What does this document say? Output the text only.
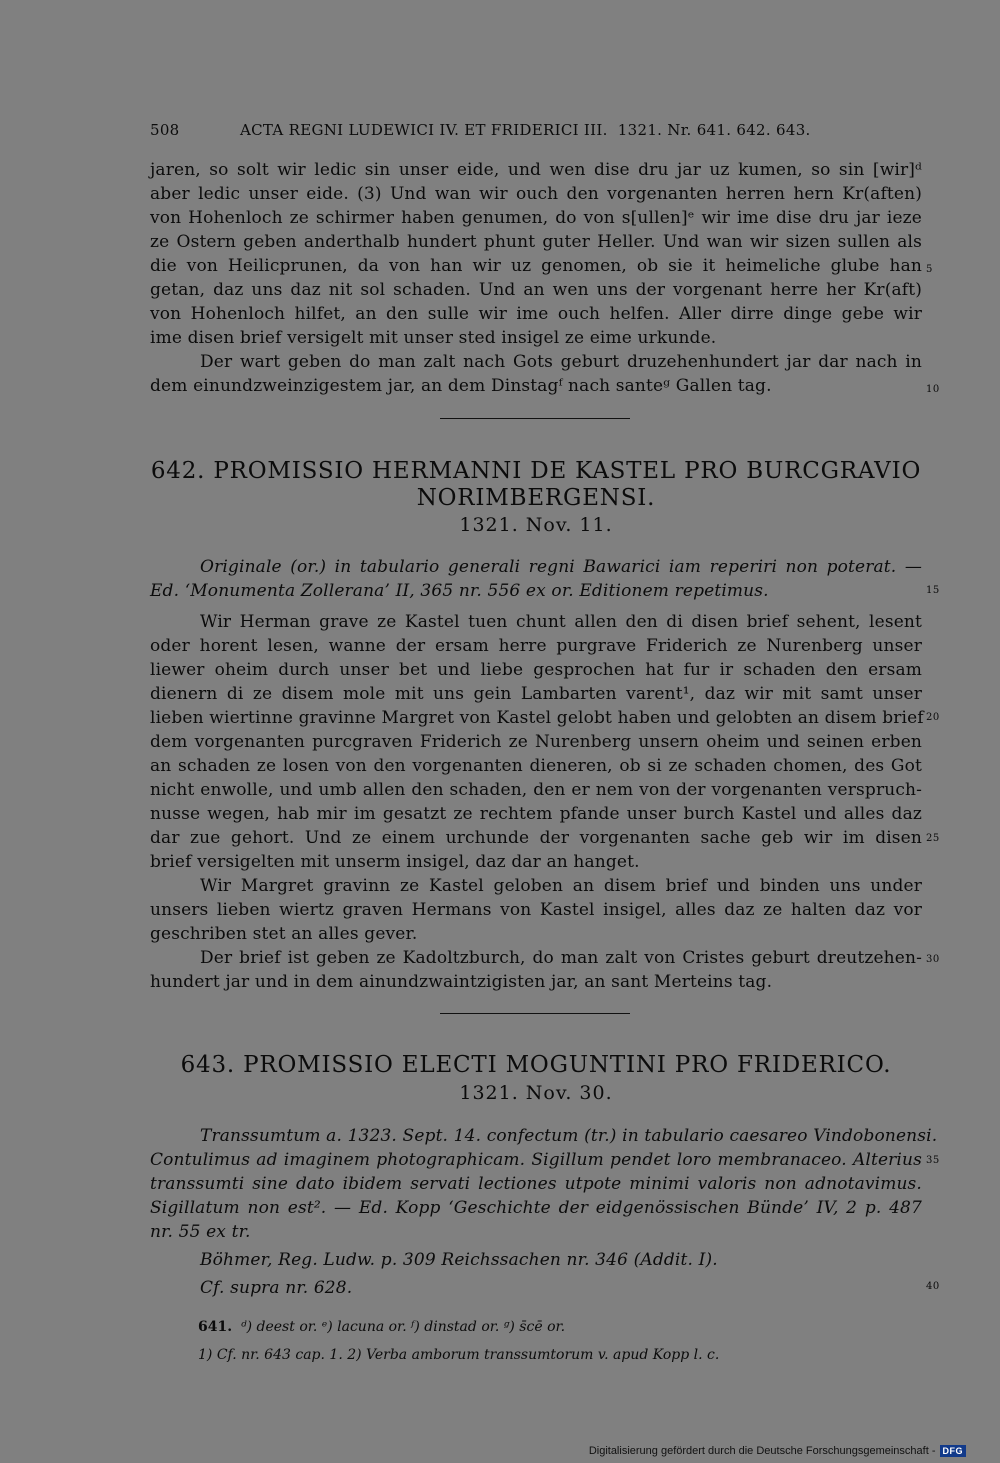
508	ACTA REGNI LUDEWICI IV. ET FRIDERICI III. 1321. Nr. 641. 642. 643.
jaren, so solt wir ledic sin unser eide, und wen dise dru jar uz kumen, so sin [wir]ᵈ
aber ledic unser eide. (3) Und wan wir ouch den vorgenanten herren hern Kr(aften)
von Hohenloch ze schirmer haben genumen, do von s[ullen]ᵉ wir ime dise dru jar ieze
ze Ostern geben anderthalb hundert phunt guter Heller. Und wan wir sizen sullen als
die von Heilicprunen, da von han wir uz genomen, ob sie it heimeliche glube han
getan, daz uns daz nit sol schaden. Und an wen uns der vorgenant herre her Kr(aft)
von Hohenloch hilfet, an den sulle wir ime ouch helfen. Aller dirre dinge gebe wir
ime disen brief versigelt mit unser sted insigel ze eime urkunde.
Der wart geben do man zalt nach Gots geburt druzehenhundert jar dar nach in
dem einundzweinzigestem jar, an dem Dinstagᶠ nach santeᵍ Gallen tag.
642. PROMISSIO HERMANNI DE KASTEL PRO BURCGRAVIO
NORIMBERGENSI.
1321. Nov. 11.
Originale (or.) in tabulario generali regni Bawarici iam reperiri non poterat. —
Ed. ‘Monumenta Zollerana’ II, 365 nr. 556 ex or. Editionem repetimus.
Wir Herman grave ze Kastel tuen chunt allen den di disen brief sehent, lesent
oder horent lesen, wanne der ersam herre purgrave Friderich ze Nurenberg unser
liewer oheim durch unser bet und liebe gesprochen hat fur ir schaden den ersam
dienern di ze disem mole mit uns gein Lambarten varent¹, daz wir mit samt unser
lieben wiertinne gravinne Margret von Kastel gelobt haben und gelobten an disem brief
dem vorgenanten purcgraven Friderich ze Nurenberg unsern oheim und seinen erben
an schaden ze losen von den vorgenanten dieneren, ob si ze schaden chomen, des Got
nicht enwolle, und umb allen den schaden, den er nem von der vorgenanten verspruch-
nusse wegen, hab mir im gesatzt ze rechtem pfande unser burch Kastel und alles daz
dar zue gehort. Und ze einem urchunde der vorgenanten sache geb wir im disen
brief versigelten mit unserm insigel, daz dar an hanget.
Wir Margret gravinn ze Kastel geloben an disem brief und binden uns under
unsers lieben wiertz graven Hermans von Kastel insigel, alles daz ze halten daz vor
geschriben stet an alles gever.
Der brief ist geben ze Kadoltzburch, do man zalt von Cristes geburt dreutzehen-
hundert jar und in dem ainundzwaintzigisten jar, an sant Merteins tag.
643. PROMISSIO ELECTI MOGUNTINI PRO FRIDERICO.
1321. Nov. 30.
Transsumtum a. 1323. Sept. 14. confectum (tr.) in tabulario caesareo Vindobonensi.
Contulimus ad imaginem photographicam. Sigillum pendet loro membranaceo. Alterius
transsumti sine dato ibidem servati lectiones utpote minimi valoris non adnotavimus.
Sigillatum non est². — Ed. Kopp ‘Geschichte der eidgenössischen Bünde’ IV, 2 p. 487
nr. 55 ex tr.
Böhmer, Reg. Ludw. p. 309 Reichssachen nr. 346 (Addit. I).
Cf. supra nr. 628.
5
10
15
20
25
30
35
40
641. ᵈ) deest or. ᵉ) lacuna or. ᶠ) dinstad or. ᵍ) s̄cē or.
1) Cf. nr. 643 cap. 1. 2) Verba amborum transsumtorum v. apud Kopp l. c.
Digitalisierung gefördert durch die Deutsche Forschungsgemeinschaft - DFG
